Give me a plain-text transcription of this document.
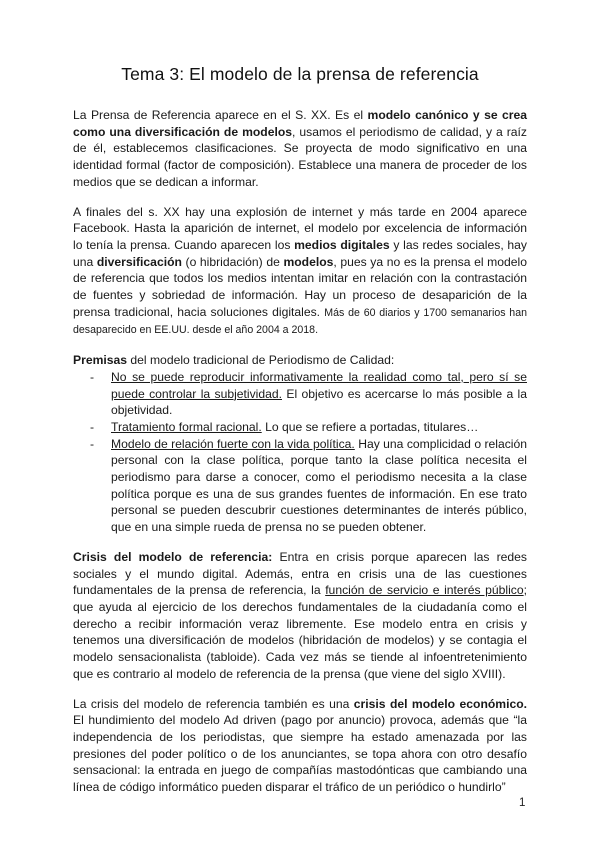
Tema 3: El modelo de la prensa de referencia

La Prensa de Referencia aparece en el S. XX. Es el modelo canónico y se crea como una diversificación de modelos, usamos el periodismo de calidad, y a raíz de él, establecemos clasificaciones. Se proyecta de modo significativo en una identidad formal (factor de composición). Establece una manera de proceder de los medios que se dedican a informar.

A finales del s. XX hay una explosión de internet y más tarde en 2004 aparece Facebook. Hasta la aparición de internet, el modelo por excelencia de información lo tenía la prensa. Cuando aparecen los medios digitales y las redes sociales, hay una diversificación (o hibridación) de modelos, pues ya no es la prensa el modelo de referencia que todos los medios intentan imitar en relación con la contrastación de fuentes y sobriedad de información. Hay un proceso de desaparición de la prensa tradicional, hacia soluciones digitales. Más de 60 diarios y 1700 semanarios han desaparecido en EE.UU. desde el año 2004 a 2018.

Premisas del modelo tradicional de Periodismo de Calidad:

- No se puede reproducir informativamente la realidad como tal, pero sí se puede controlar la subjetividad. El objetivo es acercarse lo más posible a la objetividad.
- Tratamiento formal racional. Lo que se refiere a portadas, titulares…
- Modelo de relación fuerte con la vida política. Hay una complicidad o relación personal con la clase política, porque tanto la clase política necesita el periodismo para darse a conocer, como el periodismo necesita a la clase política porque es una de sus grandes fuentes de información. En ese trato personal se pueden descubrir cuestiones determinantes de interés público, que en una simple rueda de prensa no se pueden obtener.

Crisis del modelo de referencia: Entra en crisis porque aparecen las redes sociales y el mundo digital. Además, entra en crisis una de las cuestiones fundamentales de la prensa de referencia, la función de servicio e interés público; que ayuda al ejercicio de los derechos fundamentales de la ciudadanía como el derecho a recibir información veraz libremente. Ese modelo entra en crisis y tenemos una diversificación de modelos (hibridación de modelos) y se contagia el modelo sensacionalista (tabloide). Cada vez más se tiende al infoentretenimiento que es contrario al modelo de referencia de la prensa (que viene del siglo XVIII).

La crisis del modelo de referencia también es una crisis del modelo económico. El hundimiento del modelo Ad driven (pago por anuncio) provoca, además que “la independencia de los periodistas, que siempre ha estado amenazada por las presiones del poder político o de los anunciantes, se topa ahora con otro desafío sensacional: la entrada en juego de compañías mastodónticas que cambiando una línea de código informático pueden disparar el tráfico de un periódico o hundirlo”

1
